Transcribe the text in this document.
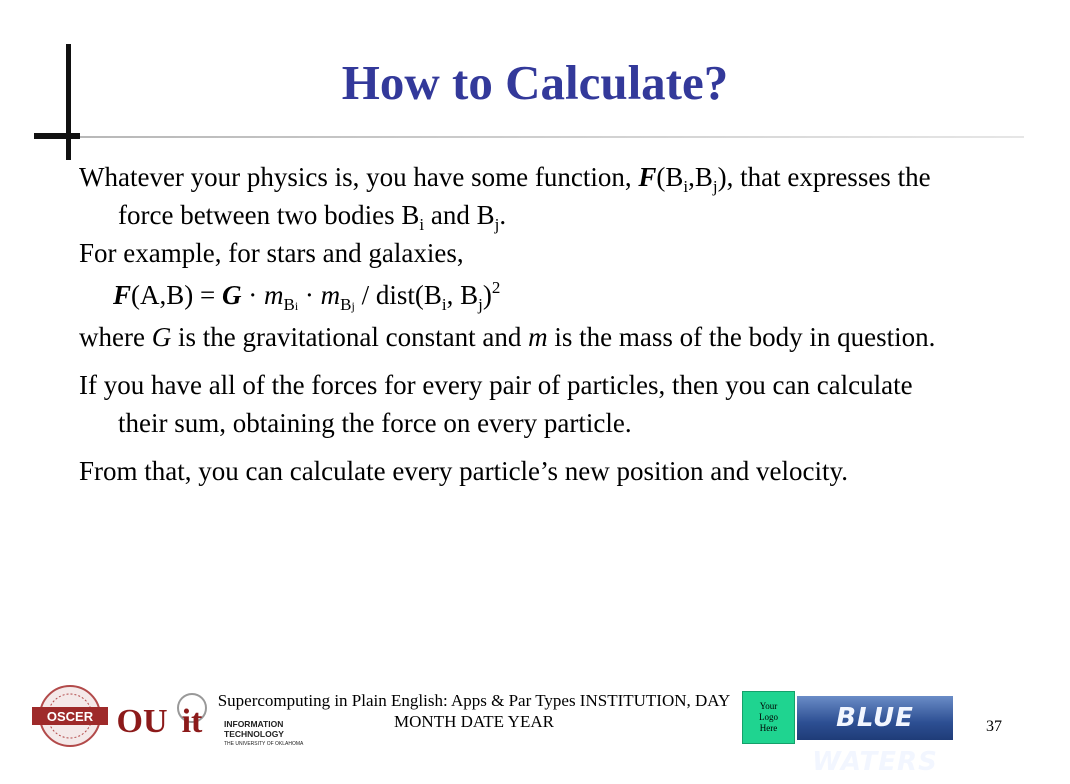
How to Calculate?

Whatever your physics is, you have some function, $F(B_i,B_j)$, that expresses the force between two bodies $B_i$ and $B_j$.

For example, for stars and galaxies,

$F(A,B) = G \cdot m_{Bi} \cdot m_{Bj}$ / $dist(B_i$, $B_j)^2$

where G is the gravitational constant and m is the mass of the body in question.

If you have all of the forces for every pair of particles, then you can calculate their sum, obtaining the force on every particle.

From that, you can calculate every particle’s new position and velocity.

OSCER OU it	INFORMATION
TECHNOLOGY
THE UNIVERSITY OF OKLAHOMA
Supercomputing in Plain English: Apps & Par Types INSTITUTION, DAY
MONTH DATE YEAR
Your
Logo
Here	BLUE WATERS
37
